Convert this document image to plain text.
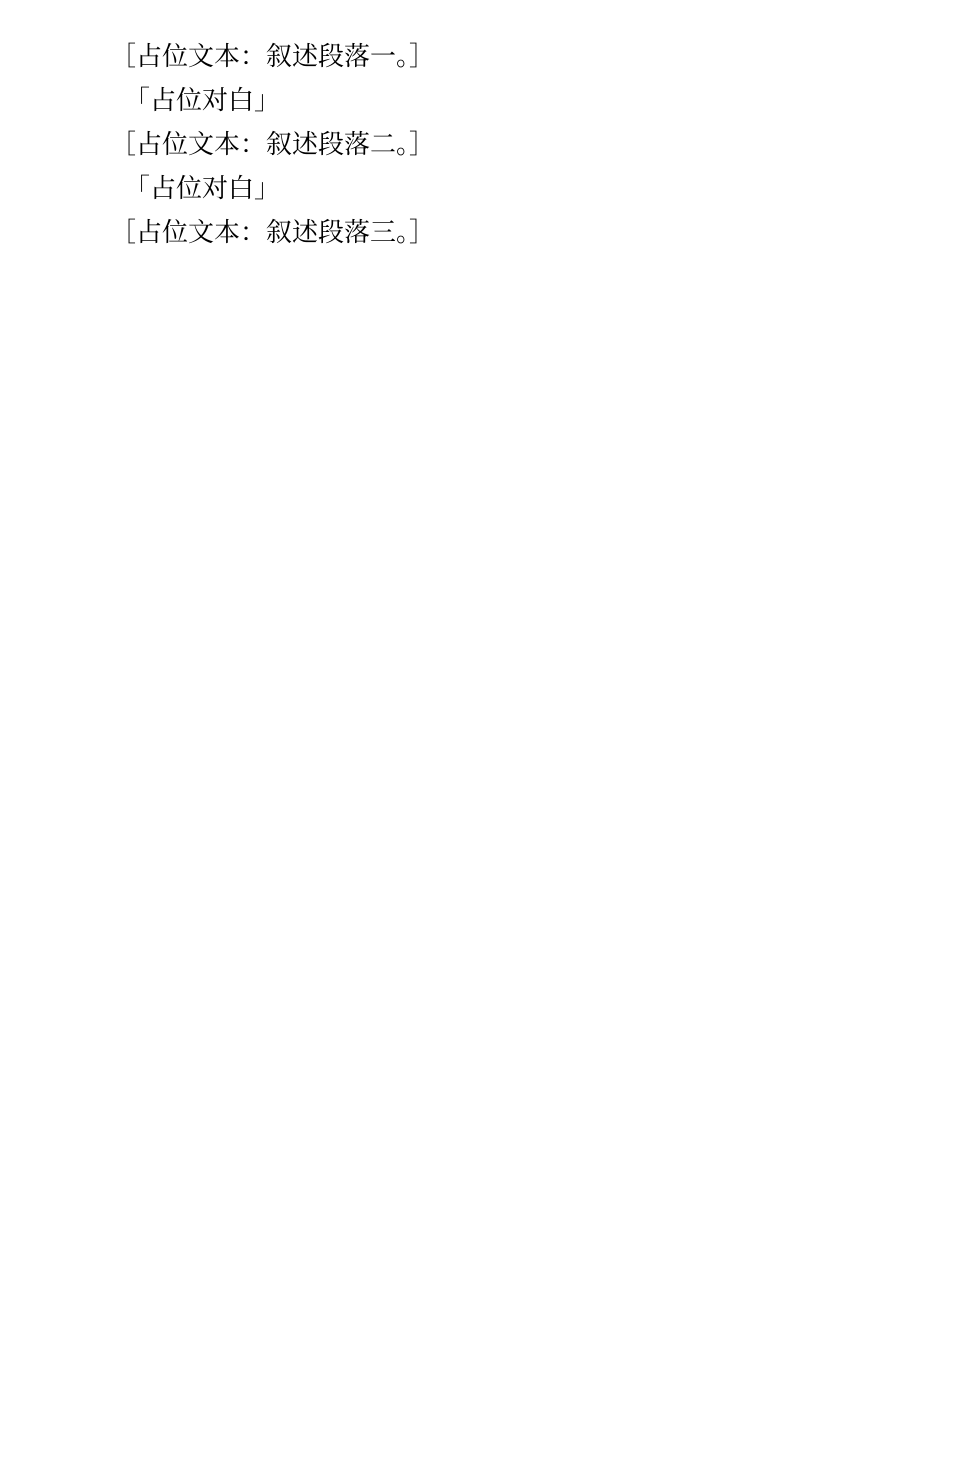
［占位文本：叙述段落一。］

「占位对白」

［占位文本：叙述段落二。］

「占位对白」

［占位文本：叙述段落三。］
